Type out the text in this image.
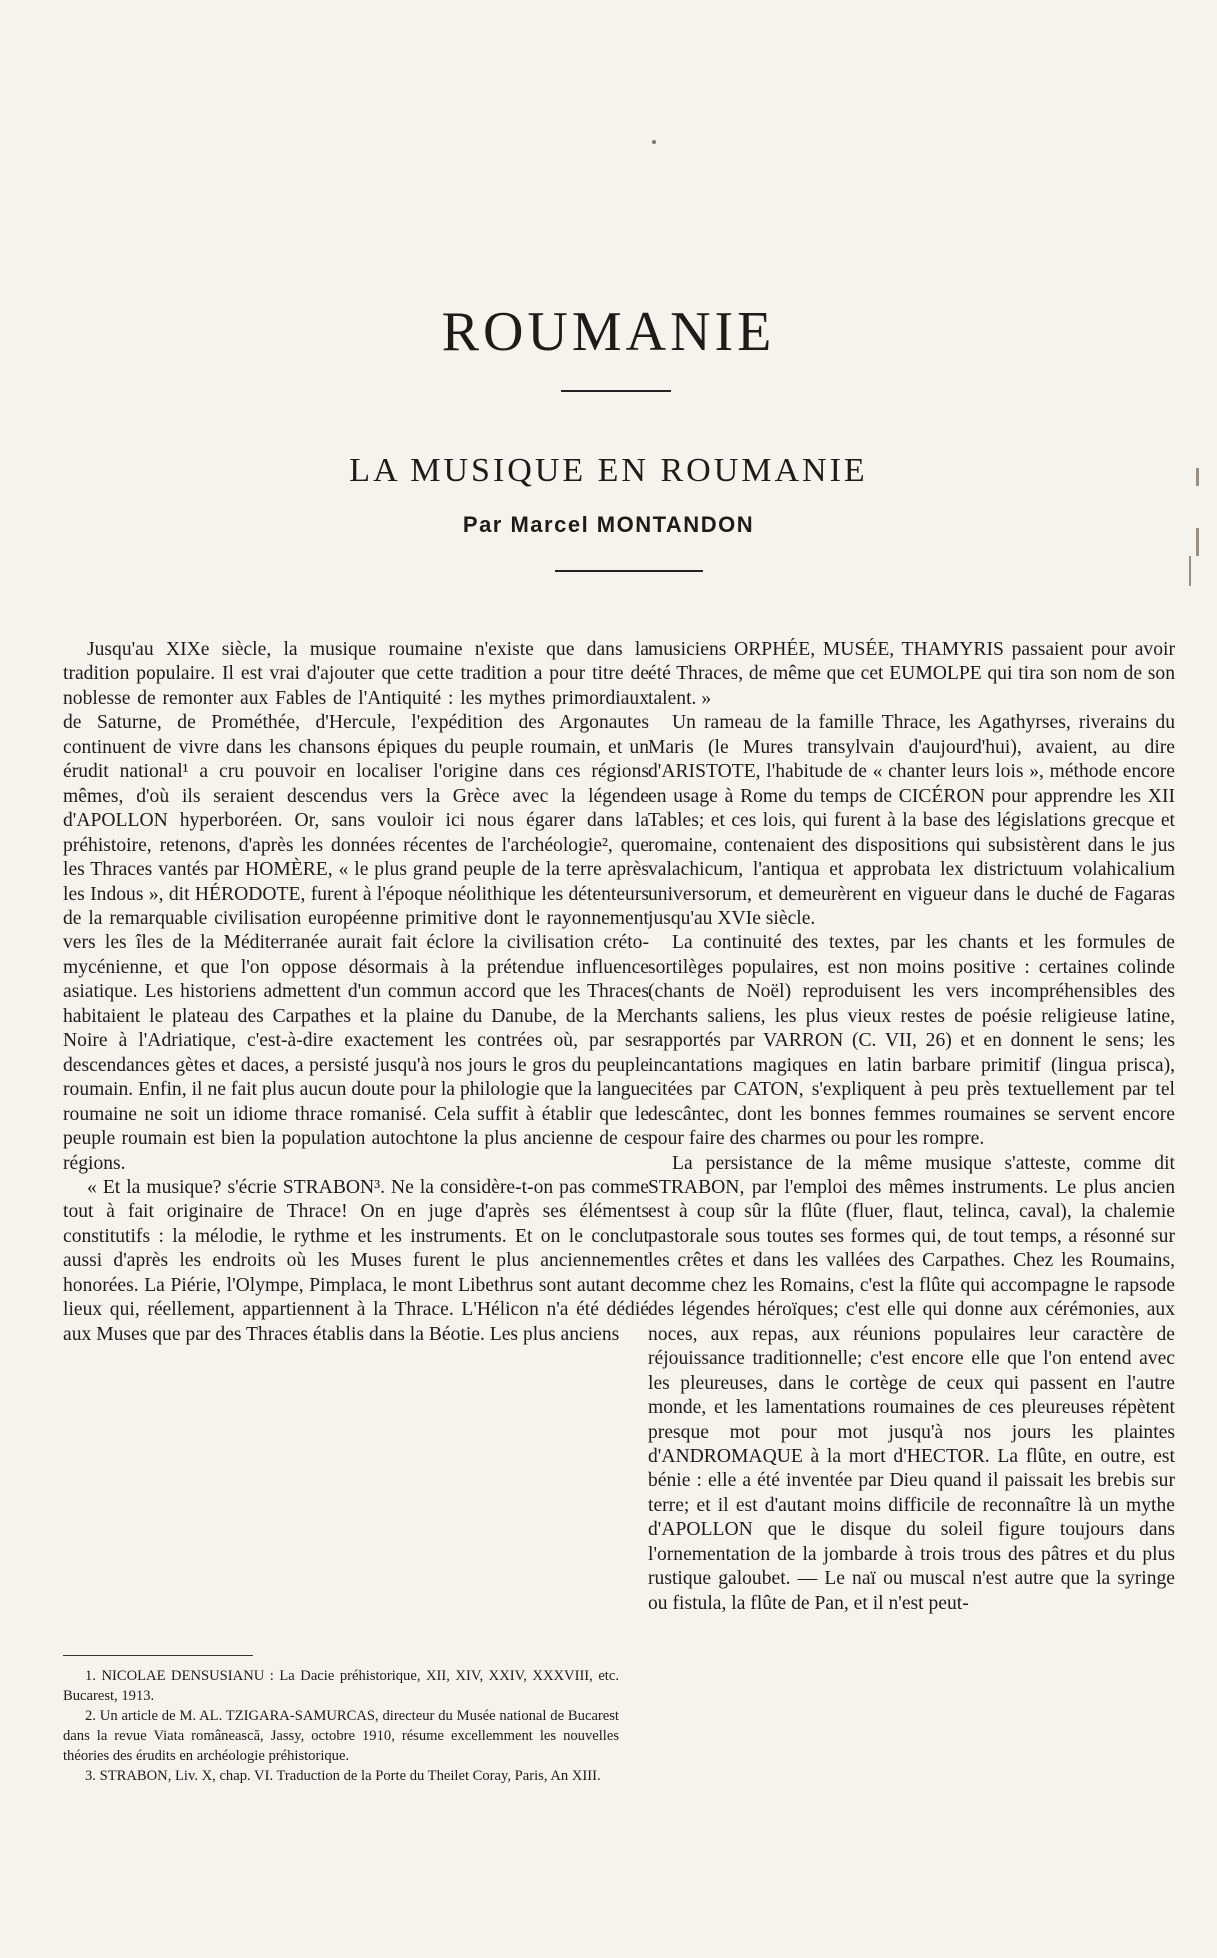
ROUMANIE
LA MUSIQUE EN ROUMANIE
Par Marcel MONTANDON

Jusqu'au XIXe siècle, la musique roumaine n'existe que dans la tradition populaire. Il est vrai d'ajouter que cette tradition a pour titre de noblesse de remonter aux Fables de l'Antiquité : les mythes primordiaux de Saturne, de Prométhée, d'Hercule, l'expédition des Argonautes continuent de vivre dans les chansons épiques du peuple roumain, et un érudit national¹ a cru pouvoir en localiser l'origine dans ces régions mêmes, d'où ils seraient descendus vers la Grèce avec la légende d'APOLLON hyperboréen. Or, sans vouloir ici nous égarer dans la préhistoire, retenons, d'après les données récentes de l'archéologie², que les Thraces vantés par HOMÈRE, « le plus grand peuple de la terre après les Indous », dit HÉRODOTE, furent à l'époque néolithique les détenteurs de la remarquable civilisation européenne primitive dont le rayonnement vers les îles de la Méditerranée aurait fait éclore la civilisation créto-mycénienne, et que l'on oppose désormais à la prétendue influence asiatique. Les historiens admettent d'un commun accord que les Thraces habitaient le plateau des Carpathes et la plaine du Danube, de la Mer Noire à l'Adriatique, c'est-à-dire exactement les contrées où, par ses descendances gètes et daces, a persisté jusqu'à nos jours le gros du peuple roumain. Enfin, il ne fait plus aucun doute pour la philologie que la langue roumaine ne soit un idiome thrace romanisé. Cela suffit à établir que le peuple roumain est bien la population autochtone la plus ancienne de ces régions.

« Et la musique? s'écrie STRABON³. Ne la considère-t-on pas comme tout à fait originaire de Thrace! On en juge d'après ses éléments constitutifs : la mélodie, le rythme et les instruments. Et on le conclut aussi d'après les endroits où les Muses furent le plus anciennement honorées. La Piérie, l'Olympe, Pimplaca, le mont Libethrus sont autant de lieux qui, réellement, appartiennent à la Thrace. L'Hélicon n'a été dédié aux Muses que par des Thraces établis dans la Béotie. Les plus anciens

musiciens ORPHÉE, MUSÉE, THAMYRIS passaient pour avoir été Thraces, de même que cet EUMOLPE qui tira son nom de son talent. »

Un rameau de la famille Thrace, les Agathyrses, riverains du Maris (le Mures transylvain d'aujourd'hui), avaient, au dire d'ARISTOTE, l'habitude de « chanter leurs lois », méthode encore en usage à Rome du temps de CICÉRON pour apprendre les XII Tables; et ces lois, qui furent à la base des législations grecque et romaine, contenaient des dispositions qui subsistèrent dans le jus valachicum, l'antiqua et approbata lex districtuum volahicalium universorum, et demeurèrent en vigueur dans le duché de Fagaras jusqu'au XVIe siècle.

La continuité des textes, par les chants et les formules de sortilèges populaires, est non moins positive : certaines colinde (chants de Noël) reproduisent les vers incompréhensibles des chants saliens, les plus vieux restes de poésie religieuse latine, rapportés par VARRON (C. VII, 26) et en donnent le sens; les incantations magiques en latin barbare primitif (lingua prisca), citées par CATON, s'expliquent à peu près textuellement par tel descântec, dont les bonnes femmes roumaines se servent encore pour faire des charmes ou pour les rompre.

La persistance de la même musique s'atteste, comme dit STRABON, par l'emploi des mêmes instruments. Le plus ancien est à coup sûr la flûte (fluer, flaut, telinca, caval), la chalemie pastorale sous toutes ses formes qui, de tout temps, a résonné sur les crêtes et dans les vallées des Carpathes. Chez les Roumains, comme chez les Romains, c'est la flûte qui accompagne le rapsode des légendes héroïques; c'est elle qui donne aux cérémonies, aux noces, aux repas, aux réunions populaires leur caractère de réjouissance traditionnelle; c'est encore elle que l'on entend avec les pleureuses, dans le cortège de ceux qui passent en l'autre monde, et les lamentations roumaines de ces pleureuses répètent presque mot pour mot jusqu'à nos jours les plaintes d'ANDROMAQUE à la mort d'HECTOR. La flûte, en outre, est bénie : elle a été inventée par Dieu quand il paissait les brebis sur terre; et il est d'autant moins difficile de reconnaître là un mythe d'APOLLON que le disque du soleil figure toujours dans l'ornementation de la jombarde à trois trous des pâtres et du plus rustique galoubet. — Le naï ou muscal n'est autre que la syringe ou fistula, la flûte de Pan, et il n'est peut-

1. NICOLAE DENSUSIANU : La Dacie préhistorique, XII, XIV, XXIV, XXXVIII, etc. Bucarest, 1913.

2. Un article de M. AL. TZIGARA-SAMURCAS, directeur du Musée national de Bucarest dans la revue Viata românească, Jassy, octobre 1910, résume excellemment les nouvelles théories des érudits en archéologie préhistorique.

3. STRABON, Liv. X, chap. VI. Traduction de la Porte du Theilet Coray, Paris, An XIII.
